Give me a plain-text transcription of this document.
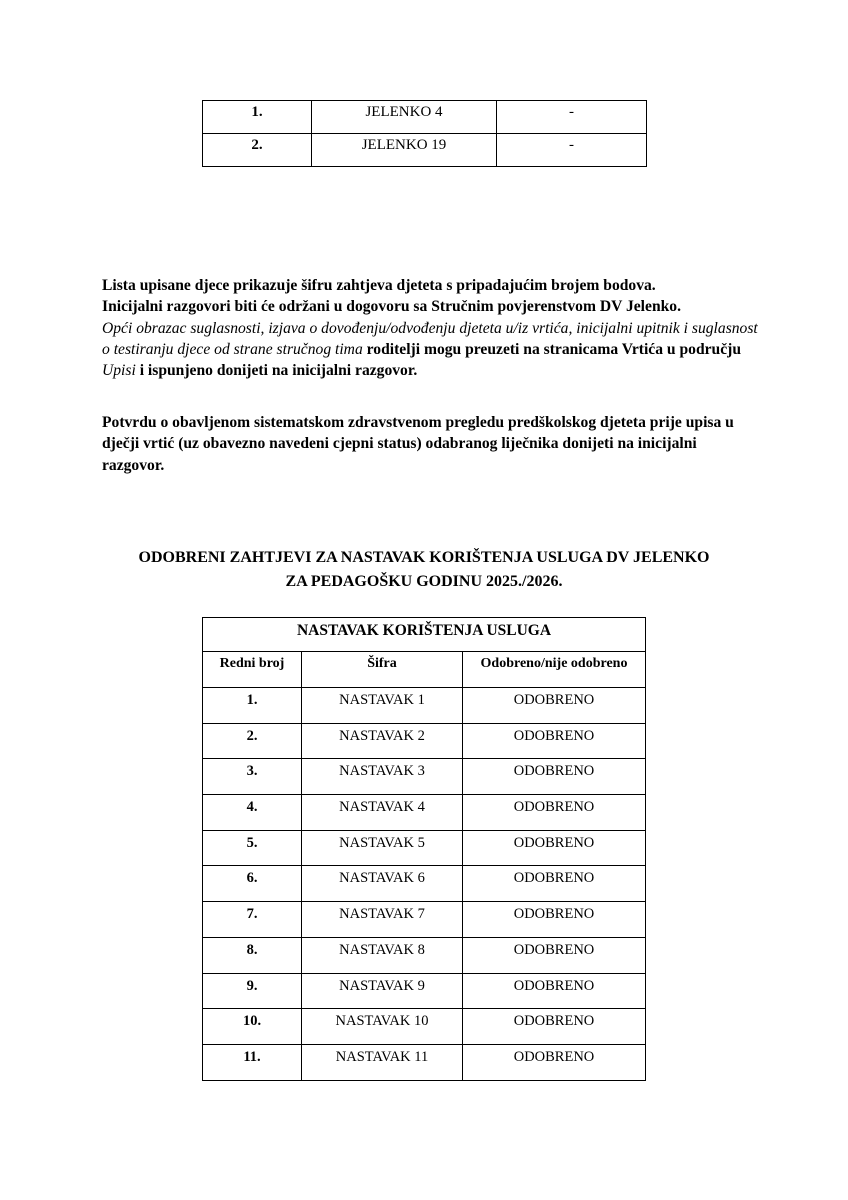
1.	JELENKO 4	-
2.	JELENKO 19	-

Lista upisane djece prikazuje šifru zahtjeva djeteta s pripadajućim brojem bodova.
Inicijalni razgovori biti će održani u dogovoru sa Stručnim povjerenstvom DV Jelenko.
Opći obrazac suglasnosti, izjava o dovođenju/odvođenju djeteta u/iz vrtića, inicijalni upitnik i suglasnost o testiranju djece od strane stručnog tima roditelji mogu preuzeti na stranicama Vrtića u području Upisi i ispunjeno donijeti na inicijalni razgovor.

Potvrdu o obavljenom sistematskom zdravstvenom pregledu predškolskog djeteta prije upisa u dječji vrtić (uz obavezno navedeni cjepni status) odabranog liječnika donijeti na inicijalni razgovor.

ODOBRENI ZAHTJEVI ZA NASTAVAK KORIŠTENJA USLUGA DV JELENKO
ZA PEDAGOŠKU GODINU 2025./2026.
NASTAVAK KORIŠTENJA USLUGA		
Redni broj	Šifra	Odobreno/nije odobreno
1.	NASTAVAK 1	ODOBRENO
2.	NASTAVAK 2	ODOBRENO
3.	NASTAVAK 3	ODOBRENO
4.	NASTAVAK 4	ODOBRENO
5.	NASTAVAK 5	ODOBRENO
6.	NASTAVAK 6	ODOBRENO
7.	NASTAVAK 7	ODOBRENO
8.	NASTAVAK 8	ODOBRENO
9.	NASTAVAK 9	ODOBRENO
10.	NASTAVAK 10	ODOBRENO
11.	NASTAVAK 11	ODOBRENO
